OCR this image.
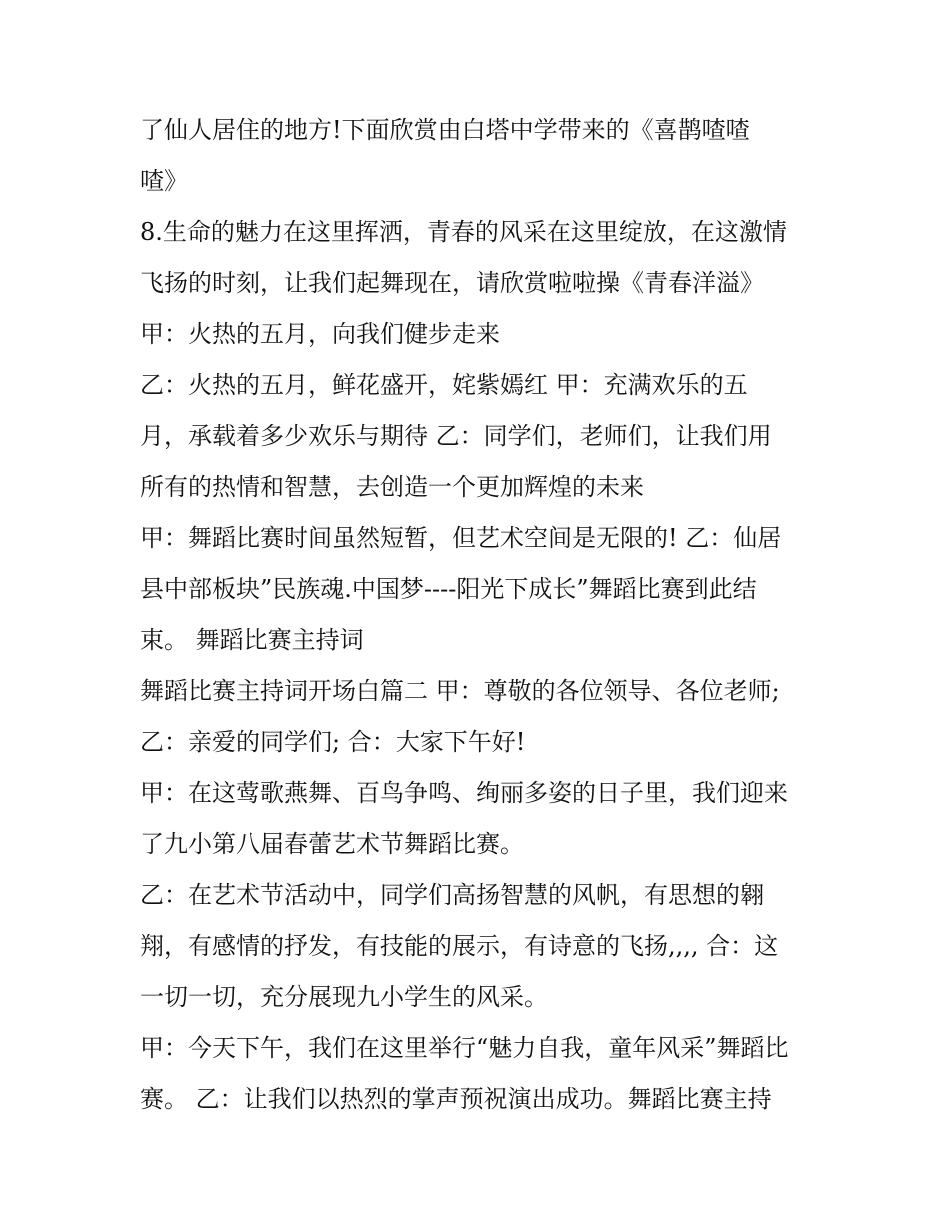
了仙人居住的地方!下面欣赏由白塔中学带来的《喜鹊喳喳

喳》

8.生命的魅力在这里挥洒，青春的风采在这里绽放，在这激情

飞扬的时刻，让我们起舞现在，请欣赏啦啦操《青春洋溢》

甲：火热的五月，向我们健步走来

乙：火热的五月，鲜花盛开，姹紫嫣红 甲：充满欢乐的五

月，承载着多少欢乐与期待 乙：同学们，老师们，让我们用

所有的热情和智慧，去创造一个更加辉煌的未来

甲：舞蹈比赛时间虽然短暂，但艺术空间是无限的! 乙：仙居

县中部板块”民族魂.中国梦----阳光下成长”舞蹈比赛到此结

束。 舞蹈比赛主持词

舞蹈比赛主持词开场白篇二 甲：尊敬的各位领导、各位老师;

乙：亲爱的同学们; 合：大家下午好!

甲：在这莺歌燕舞、百鸟争鸣、绚丽多姿的日子里，我们迎来

了九小第八届春蕾艺术节舞蹈比赛。

乙：在艺术节活动中，同学们高扬智慧的风帆，有思想的翱

翔，有感情的抒发，有技能的展示，有诗意的飞扬,,,, 合：这

一切一切，充分展现九小学生的风采。

甲：今天下午，我们在这里举行“魅力自我，童年风采”舞蹈比

赛。 乙：让我们以热烈的掌声预祝演出成功。舞蹈比赛主持
